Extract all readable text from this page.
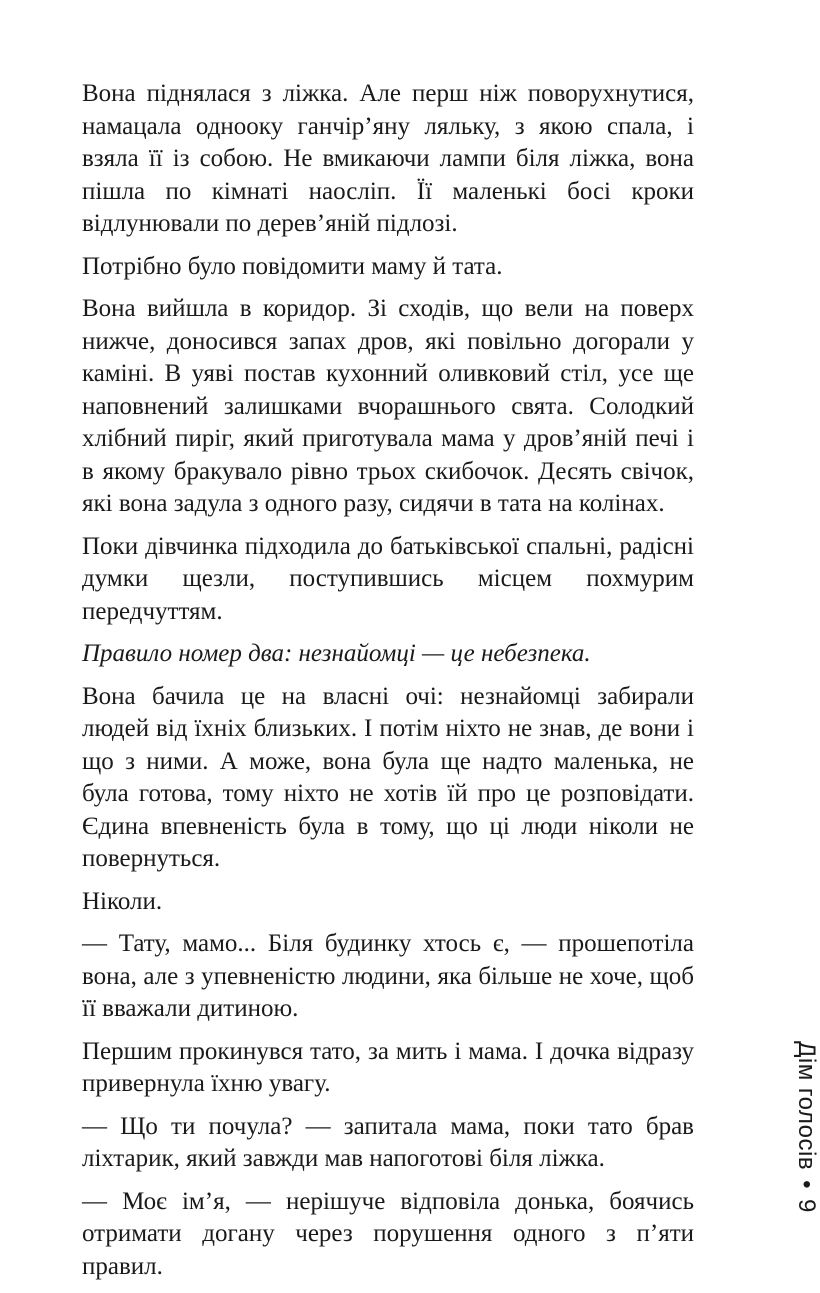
Вона піднялася з ліжка. Але перш ніж поворухнутися, намацала одноoку ганчір’яну ляльку, з якою спала, і взяла її із собою. Не вмикаючи лампи біля ліжка, вона пішла по кімнаті наосліп. Її маленькі босі кроки відлунювали по дерев’яній підлозі.

Потрібно було повідомити маму й тата.

Вона вийшла в коридор. Зі сходів, що вели на поверх нижче, доносився запах дров, які повільно догорали у каміні. В уяві постав кухонний оливковий стіл, усе ще наповнений залишками вчорашнього свята. Солодкий хлібний пиріг, який приготувала мама у дров’яній печі і в якому бракувало рівно трьох скибочок. Десять свічок, які вона задула з одного разу, сидячи в тата на колінах.

Поки дівчинка підходила до батьківської спальні, радісні думки щезли, поступившись місцем похмурим передчуттям.

Правило номер два: незнайомці — це небезпека.

Вона бачила це на власні очі: незнайомці забирали людей від їхніх близьких. І потім ніхто не знав, де вони і що з ними. А може, вона була ще надто маленька, не була готова, тому ніхто не хотів їй про це розповідати. Єдина впевненість була в тому, що ці люди ніколи не повернуться.

Ніколи.

— Тату, мамо... Біля будинку хтось є, — прошепотіла вона, але з упевненістю людини, яка більше не хоче, щоб її вважали дитиною.

Першим прокинувся тато, за мить і мама. І дочка відразу привернула їхню увагу.

— Що ти почула? — запитала мама, поки тато брав ліхтарик, який завжди мав напоготові біля ліжка.

— Моє ім’я, — нерішуче відповіла донька, боячись отримати догану через порушення одного з п’яти правил.

Дім голосів•9
